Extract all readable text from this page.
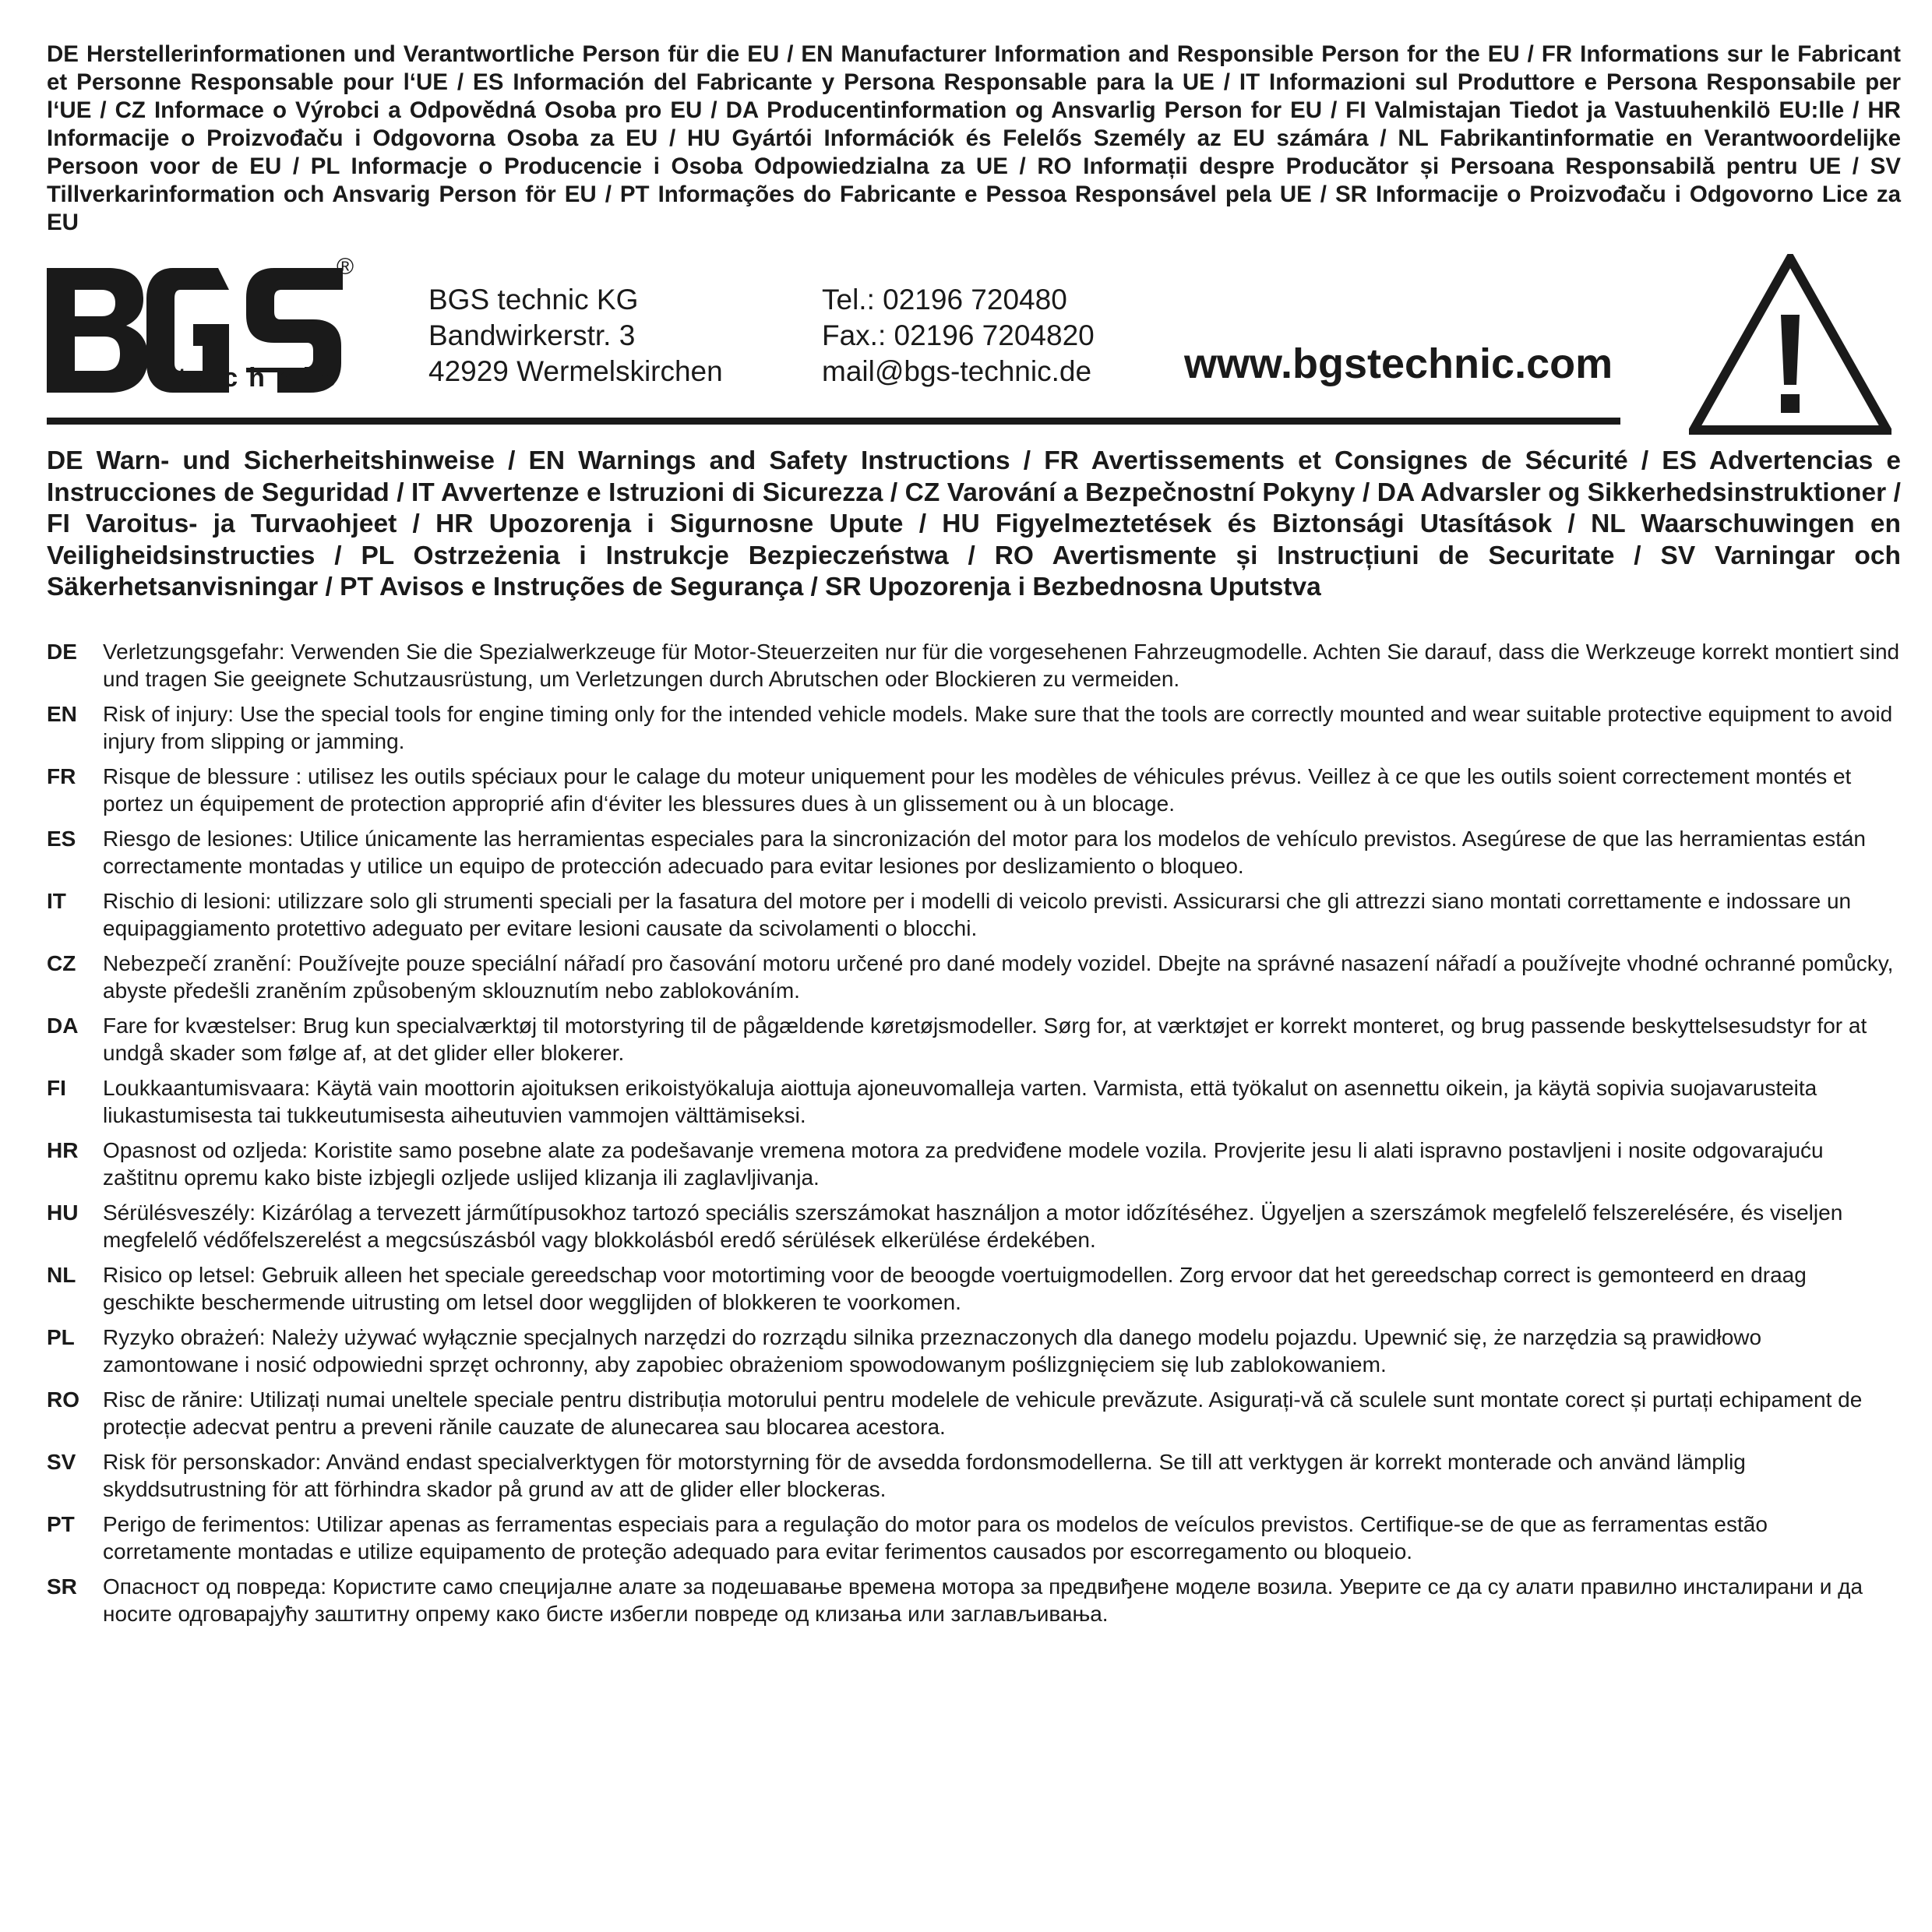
DE Herstellerinformationen und Verantwortliche Person für die EU / EN Manufacturer Information and Responsible Person for the EU / FR Informations sur le Fabricant et Personne Responsable pour l‘UE / ES Información del Fabricante y Persona Responsable para la UE / IT Informazioni sul Produttore e Persona Responsabile per l‘UE / CZ Informace o Výrobci a Odpovědná Osoba pro EU / DA Producentinformation og Ansvarlig Person for EU / FI Valmistajan Tiedot ja Vastuuhenkilö EU:lle / HR Informacije o Proizvođaču i Odgovorna Osoba za EU / HU Gyártói Információk és Felelős Személy az EU számára / NL Fabrikantinformatie en Verantwoordelijke Persoon voor de EU / PL Informacje o Producencie i Osoba Odpowiedzialna za UE / RO Informații despre Producător și Persoana Responsabilă pentru UE / SV Tillverkarinformation och Ansvarig Person för EU / PT Informações do Fabricante e Pessoa Responsável pela UE / SR Informacije o Proizvođaču i Odgovorno Lice za EU

®
technic
BGS technic KG
Bandwirkerstr. 3
42929 Wermelskirchen
Tel.: 02196 720480
Fax.: 02196 7204820
mail@bgs-technic.de www.bgstechnic.com

DE Warn- und Sicherheitshinweise / EN Warnings and Safety Instructions / FR Avertissements et Consignes de Sécurité / ES Advertencias e Instrucciones de Seguridad / IT Avvertenze e Istruzioni di Sicurezza / CZ Varování a Bezpečnostní Pokyny / DA Advarsler og Sikkerhedsinstruktioner / FI Varoitus- ja Turvaohjeet / HR Upozorenja i Sigurnosne Upute / HU Figyelmeztetések és Biztonsági Utasítások / NL Waarschuwingen en Veiligheidsinstructies / PL Ostrzeżenia i Instrukcje Bezpieczeństwa / RO Avertismente și Instrucțiuni de Securitate / SV Varningar och Säkerhetsanvisningar / PT Avisos e Instruções de Segurança / SR Upozorenja i Bezbednosna Uputstva

DE	Verletzungsgefahr: Verwenden Sie die Spezialwerkzeuge für Motor-Steuerzeiten nur für die vorgesehenen Fahrzeugmodelle. Achten Sie darauf, dass die Werkzeuge korrekt montiert sind und tragen Sie geeignete Schutzausrüstung, um Verletzungen durch Abrutschen oder Blockieren zu vermeiden.
EN	Risk of injury: Use the special tools for engine timing only for the intended vehicle models. Make sure that the tools are correctly mounted and wear suitable protective equipment to avoid injury from slipping or jamming.
FR	Risque de blessure : utilisez les outils spéciaux pour le calage du moteur uniquement pour les modèles de véhicules prévus. Veillez à ce que les outils soient correctement montés et portez un équipement de protection approprié afin d‘éviter les blessures dues à un glissement ou à un blocage.
ES	Riesgo de lesiones: Utilice únicamente las herramientas especiales para la sincronización del motor para los modelos de vehículo previstos. Asegúrese de que las herramientas están correctamente montadas y utilice un equipo de protección adecuado para evitar lesiones por deslizamiento o bloqueo.
IT	Rischio di lesioni: utilizzare solo gli strumenti speciali per la fasatura del motore per i modelli di veicolo previsti. Assicurarsi che gli attrezzi siano montati correttamente e indossare un equipaggiamento protettivo adeguato per evitare lesioni causate da scivolamenti o blocchi.
CZ	Nebezpečí zranění: Používejte pouze speciální nářadí pro časování motoru určené pro dané modely vozidel. Dbejte na správné nasazení nářadí a používejte vhodné ochranné pomůcky, abyste předešli zraněním způsobeným sklouznutím nebo zablokováním.
DA	Fare for kvæstelser: Brug kun specialværktøj til motorstyring til de pågældende køretøjsmodeller. Sørg for, at værktøjet er korrekt monteret, og brug passende beskyttelsesudstyr for at undgå skader som følge af, at det glider eller blokerer.
FI	Loukkaantumisvaara: Käytä vain moottorin ajoituksen erikoistyökaluja aiottuja ajoneuvomalleja varten. Varmista, että työkalut on asennettu oikein, ja käytä sopivia suojavarusteita liukastumisesta tai tukkeutumisesta aiheutuvien vammojen välttämiseksi.
HR	Opasnost od ozljeda: Koristite samo posebne alate za podešavanje vremena motora za predviđene modele vozila. Provjerite jesu li alati ispravno postavljeni i nosite odgovarajuću zaštitnu opremu kako biste izbjegli ozljede uslijed klizanja ili zaglavljivanja.
HU	Sérülésveszély: Kizárólag a tervezett járműtípusokhoz tartozó speciális szerszámokat használjon a motor időzítéséhez. Ügyeljen a szerszámok megfelelő felszerelésére, és viseljen megfelelő védőfelszerelést a megcsúszásból vagy blokkolásból eredő sérülések elkerülése érdekében.
NL	Risico op letsel: Gebruik alleen het speciale gereedschap voor motortiming voor de beoogde voertuigmodellen. Zorg ervoor dat het gereedschap correct is gemonteerd en draag geschikte beschermende uitrusting om letsel door wegglijden of blokkeren te voorkomen.
PL	Ryzyko obrażeń: Należy używać wyłącznie specjalnych narzędzi do rozrządu silnika przeznaczonych dla danego modelu pojazdu. Upewnić się, że narzędzia są prawidłowo zamontowane i nosić odpowiedni sprzęt ochronny, aby zapobiec obrażeniom spowodowanym poślizgnięciem się lub zablokowaniem.
RO	Risc de rănire: Utilizați numai uneltele speciale pentru distribuția motorului pentru modelele de vehicule prevăzute. Asigurați-vă că sculele sunt montate corect și purtați echipament de protecție adecvat pentru a preveni rănile cauzate de alunecarea sau blocarea acestora.
SV	Risk för personskador: Använd endast specialverktygen för motorstyrning för de avsedda fordonsmodellerna. Se till att verktygen är korrekt monterade och använd lämplig skyddsutrustning för att förhindra skador på grund av att de glider eller blockeras.
PT	Perigo de ferimentos: Utilizar apenas as ferramentas especiais para a regulação do motor para os modelos de veículos previstos. Certifique-se de que as ferramentas estão corretamente montadas e utilize equipamento de proteção adequado para evitar ferimentos causados por escorregamento ou bloqueio.
SR	Опасност од повреда: Користите само специјалне алате за подешавање времена мотора за предвиђене моделе возила. Уверите се да су алати правилно инсталирани и да носите одговарајућу заштитну опрему како бисте избегли повреде од клизања или заглављивања.
